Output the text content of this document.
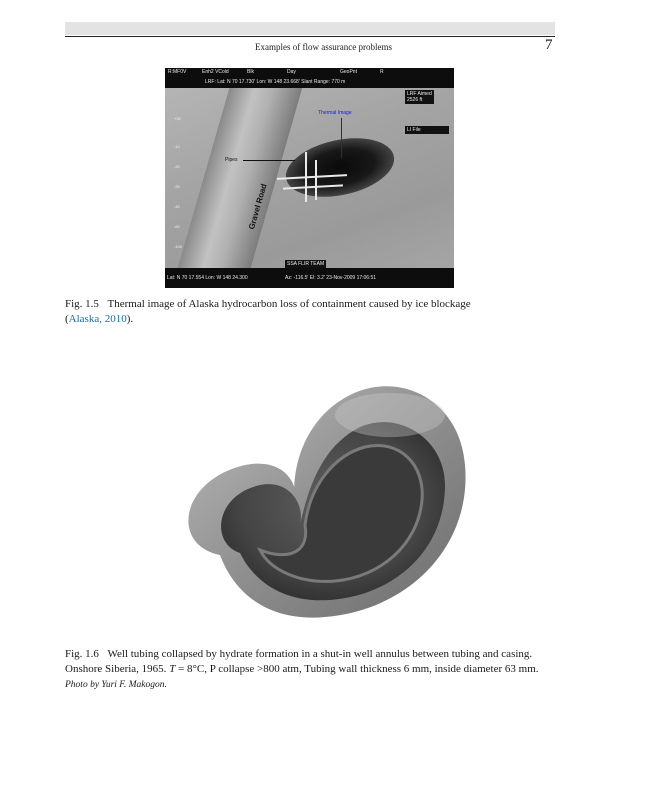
Examples of flow assurance problems	7
R:MF0V	Enh2 VCold	Blk	Day	GeoPnt	R
LRF: Lat: N 70 17.730' Lon: W 148 23.668' Slant Range: 770 m
LRF Aimed
2526 ft
LI File
+30
-10
-20
-30
-40
-60
-100
Thermal Image
Pipes
Gravel Road
SSA FLIR TEAM
Lat: N 70 17.554 Lon: W 148 24.300	Az: -116.5' El: 3.2' 23-Nov-2009 17:06:51
Fig. 1.5 Thermal image of Alaska hydrocarbon loss of containment caused by ice blockage
(Alaska, 2010).
Fig. 1.6 Well tubing collapsed by hydrate formation in a shut-in well annulus between tubing and casing. Onshore Siberia, 1965. T = 8°C, P collapse >800 atm, Tubing wall thickness 6 mm, inside diameter 63 mm. Photo by Yuri F. Makogon.
